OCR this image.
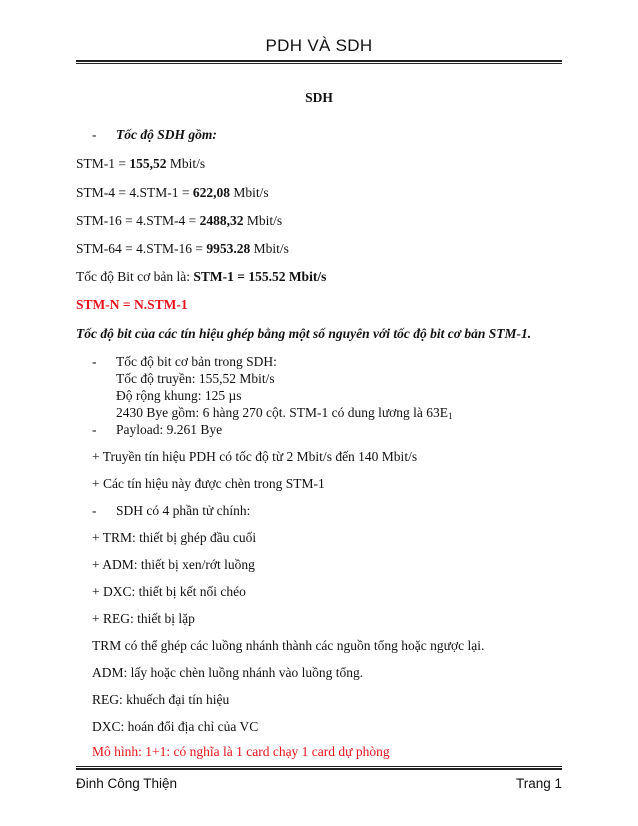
PDH VÀ SDH
SDH
- Tốc độ SDH gồm:
STM-1 = 155,52 Mbit/s
STM-4 = 4.STM-1 = 622,08 Mbit/s
STM-16 = 4.STM-4 = 2488,32 Mbit/s
STM-64 = 4.STM-16 = 9953.28 Mbit/s
Tốc độ Bit cơ bản là: STM-1 = 155.52 Mbit/s
STM-N = N.STM-1
Tốc độ bit của các tín hiệu ghép bằng một số nguyên với tốc độ bit cơ bản STM-1.
- Tốc độ bit cơ bản trong SDH:
Tốc độ truyền: 155,52 Mbit/s
Độ rộng khung: 125 µs
2430 Bye gồm: 6 hàng 270 cột. STM-1 có dung lương là $63E_1$
- Payload: 9.261 Bye
+ Truyền tín hiệu PDH có tốc độ từ 2 Mbit/s đến 140 Mbit/s
+ Các tín hiệu này được chèn trong STM-1
- SDH có 4 phần tử chính:
+ TRM: thiết bị ghép đầu cuối
+ ADM: thiết bị xen/rớt luồng
+ DXC: thiết bị kết nối chéo
+ REG: thiết bị lặp
TRM có thể ghép các luồng nhánh thành các nguồn tổng hoặc ngược lại.
ADM: lấy hoặc chèn luồng nhánh vào luồng tổng.
REG: khuếch đại tín hiệu
DXC: hoán đổi địa chỉ của VC
Mô hình: 1+1: có nghĩa là 1 card chạy 1 card dự phòng
Đinh Công Thiện	Trang 1
